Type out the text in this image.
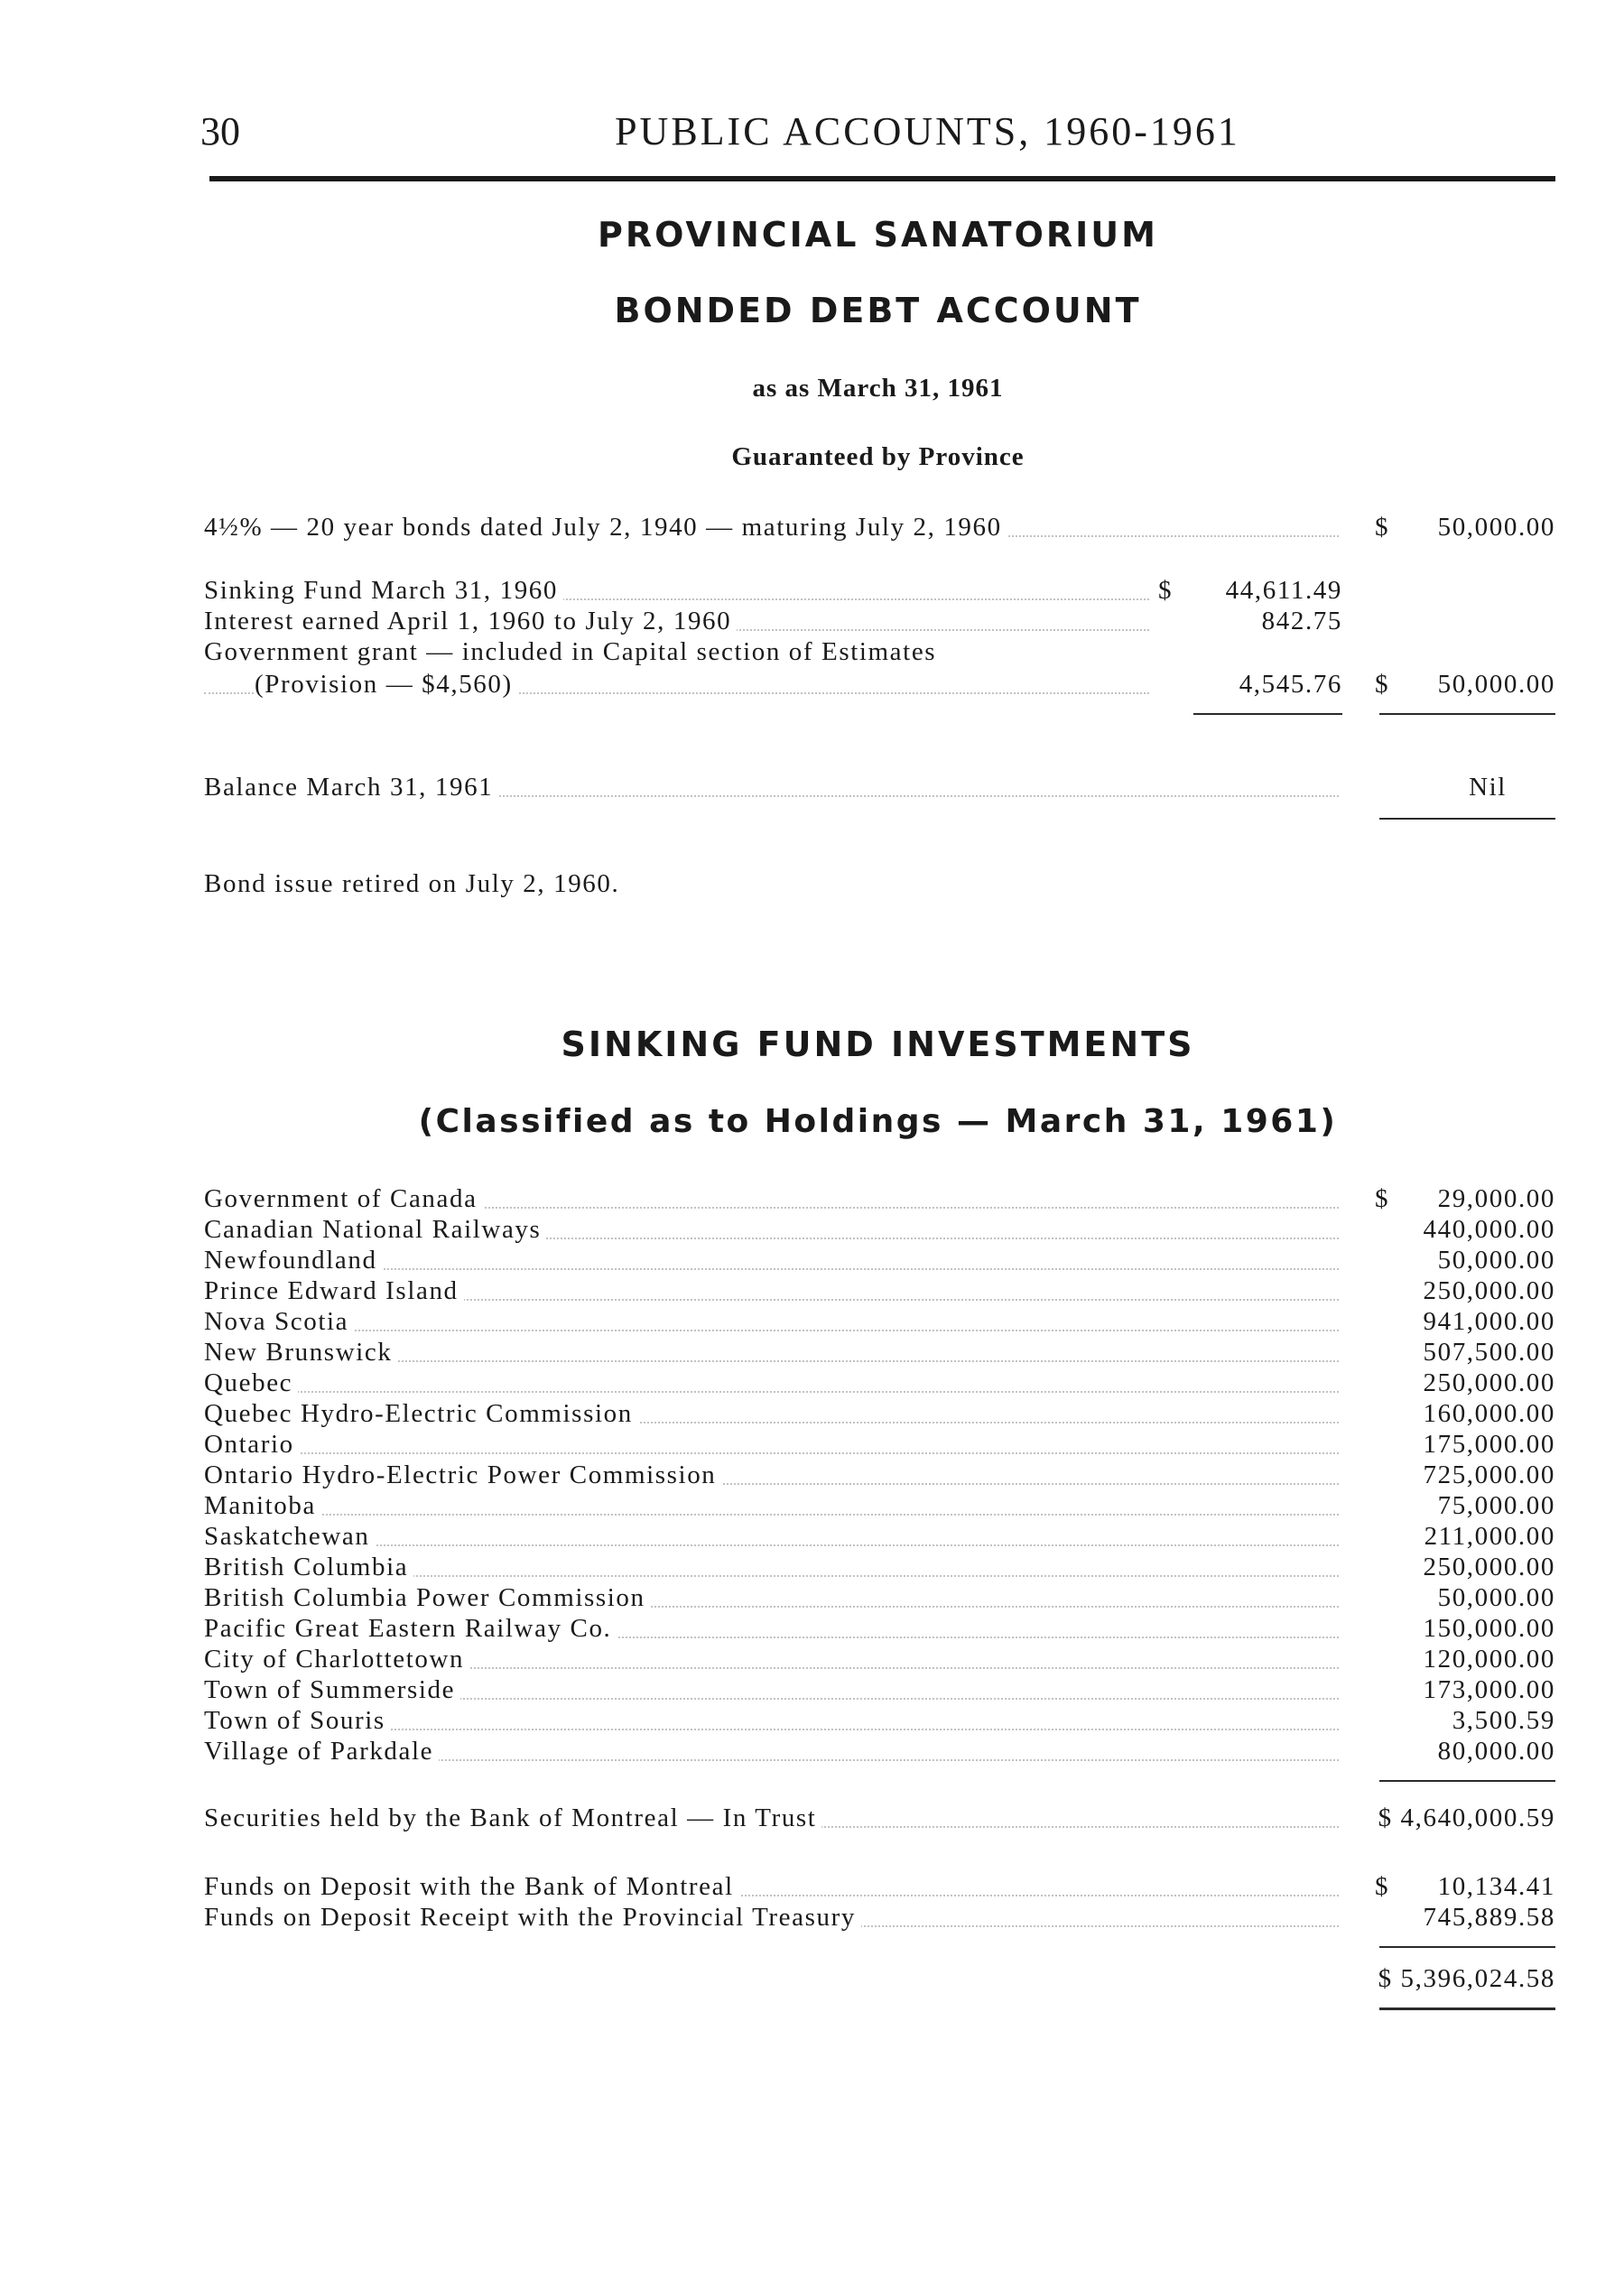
30	PUBLIC ACCOUNTS, 1960-1961
PROVINCIAL SANATORIUM
BONDED DEBT ACCOUNT
as as March 31, 1961
Guaranteed by Province
4½% — 20 year bonds dated July 2, 1940 — maturing July 2, 1960	$	50,000.00
Sinking Fund March 31, 1960	$	44,611.49
Interest earned April 1, 1960 to July 2, 1960	842.75
Government grant — included in Capital section of Estimates
(Provision — $4,560)	4,545.76 $	50,000.00
Balance March 31, 1961	Nil
Bond issue retired on July 2, 1960.
SINKING FUND INVESTMENTS
(Classified as to Holdings — March 31, 1961)
Government of Canada	$	29,000.00
Canadian National Railways	440,000.00
Newfoundland	50,000.00
Prince Edward Island	250,000.00
Nova Scotia	941,000.00
New Brunswick	507,500.00
Quebec	250,000.00
Quebec Hydro-Electric Commission	160,000.00
Ontario	175,000.00
Ontario Hydro-Electric Power Commission	725,000.00
Manitoba	75,000.00
Saskatchewan	211,000.00
British Columbia	250,000.00
British Columbia Power Commission	50,000.00
Pacific Great Eastern Railway Co.	150,000.00
City of Charlottetown	120,000.00
Town of Summerside	173,000.00
Town of Souris	3,500.59
Village of Parkdale	80,000.00
Securities held by the Bank of Montreal — In Trust	$ 4,640,000.59
Funds on Deposit with the Bank of Montreal	$	10,134.41
Funds on Deposit Receipt with the Provincial Treasury	745,889.58
$ 5,396,024.58
